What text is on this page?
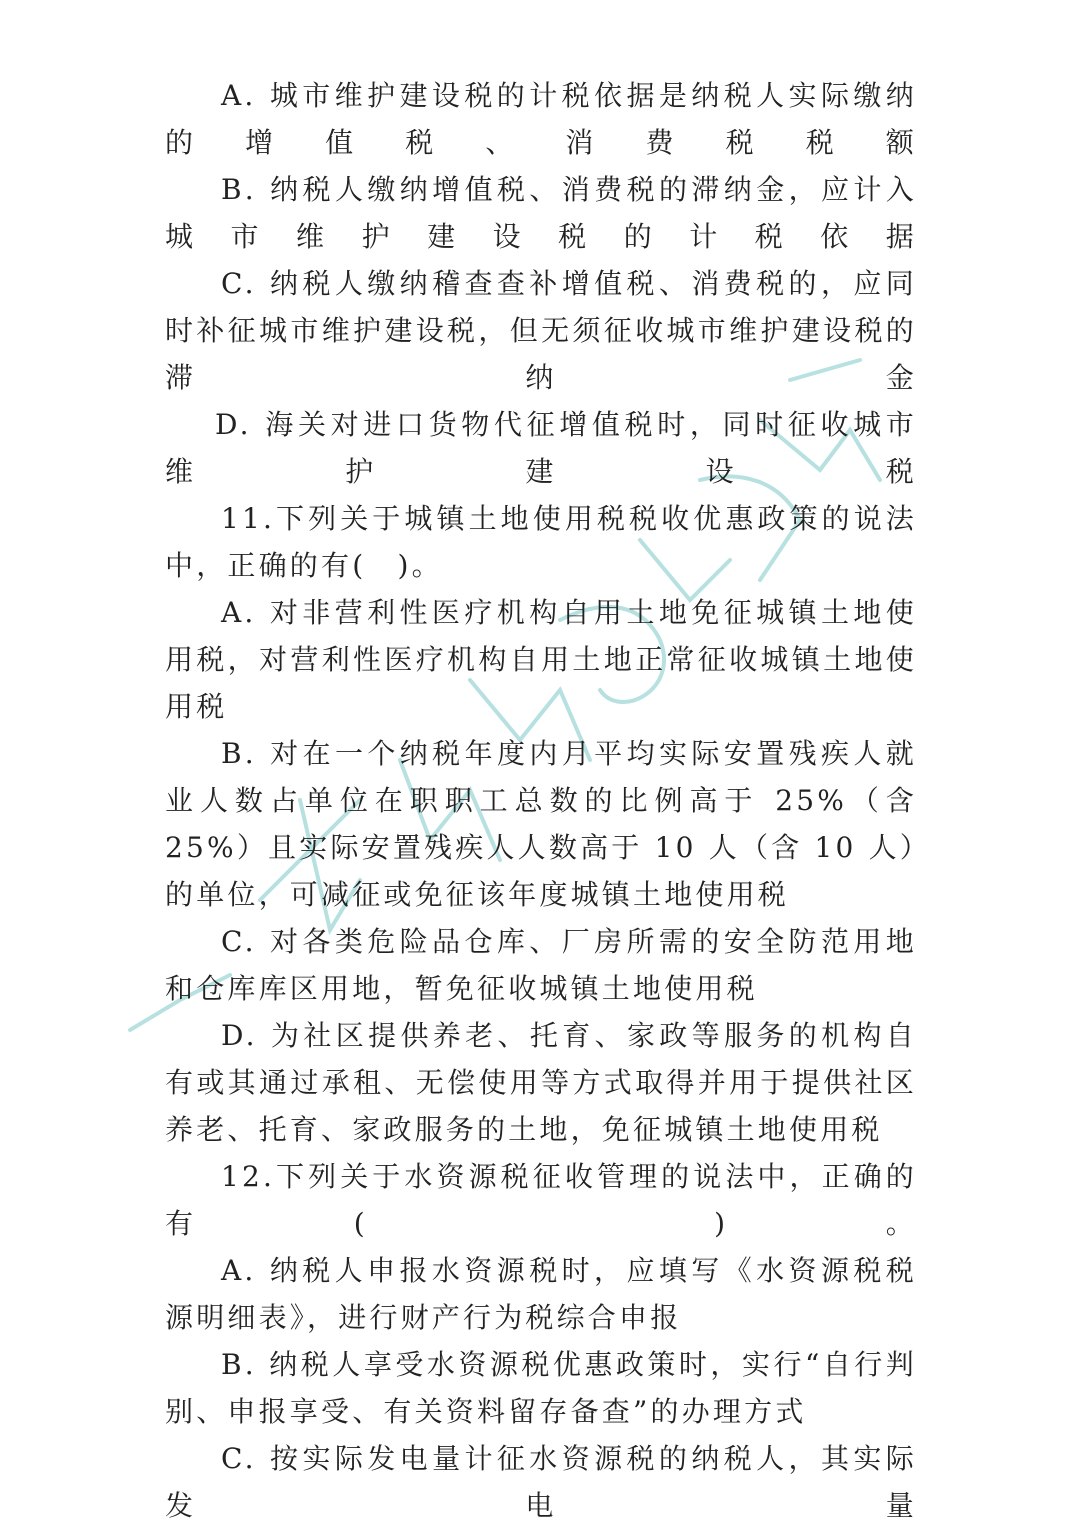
A. 城市维护建设税的计税依据是纳税人实际缴纳的增值税、消费税税额

B. 纳税人缴纳增值税、消费税的滞纳金，应计入城市维护建设税的计税依据

C. 纳税人缴纳稽查查补增值税、消费税的，应同时补征城市维护建设税，但无须征收城市维护建设税的滞纳金

D. 海关对进口货物代征增值税时，同时征收城市维护建设税

11.下列关于城镇土地使用税税收优惠政策的说法中，正确的有(　)。

A. 对非营利性医疗机构自用土地免征城镇土地使用税，对营利性医疗机构自用土地正常征收城镇土地使用税

B. 对在一个纳税年度内月平均实际安置残疾人就业人数占单位在职职工总数的比例高于 25%（含 25%）且实际安置残疾人人数高于 10 人（含 10 人）的单位，可减征或免征该年度城镇土地使用税

C. 对各类危险品仓库、厂房所需的安全防范用地和仓库库区用地，暂免征收城镇土地使用税

D. 为社区提供养老、托育、家政等服务的机构自有或其通过承租、无偿使用等方式取得并用于提供社区养老、托育、家政服务的土地，免征城镇土地使用税

12.下列关于水资源税征收管理的说法中，正确的有(　)。

A. 纳税人申报水资源税时，应填写《水资源税税源明细表》，进行财产行为税综合申报

B. 纳税人享受水资源税优惠政策时，实行“自行判别、申报享受、有关资料留存备查”的办理方式

C. 按实际发电量计征水资源税的纳税人，其实际发电量
